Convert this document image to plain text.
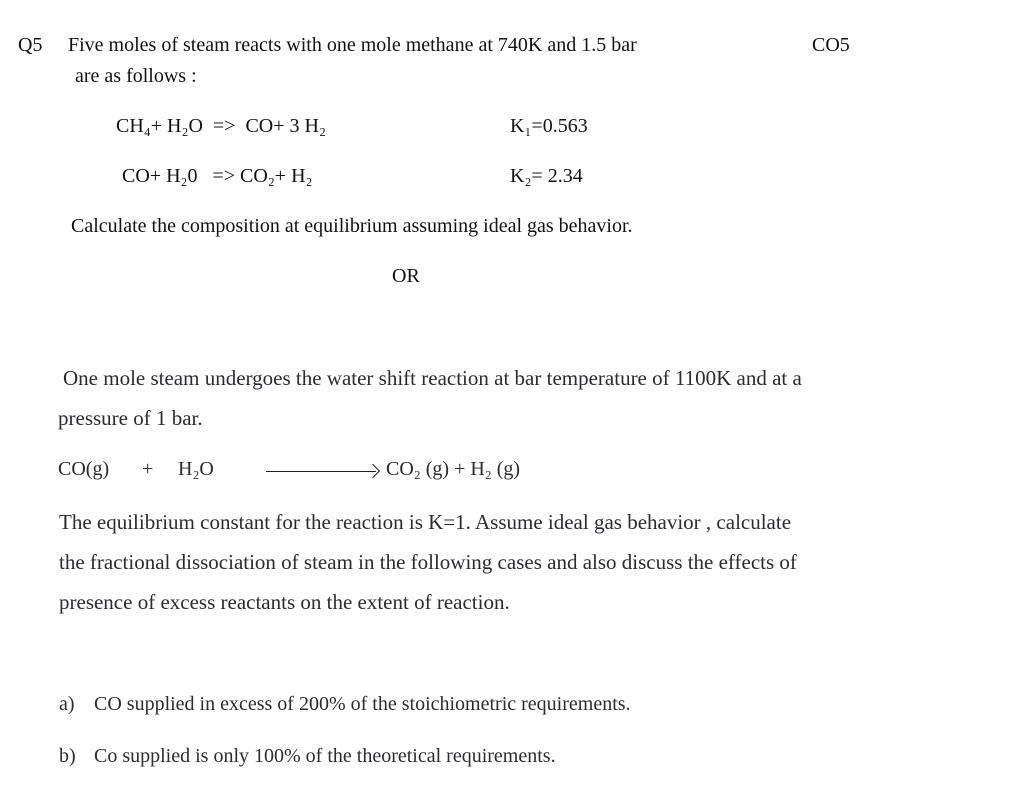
Q5 Five moles of steam reacts with one mole methane at 740K and 1.5 bar	CO5
are as follows :
CH₄+ H₂O  =>  CO+ 3 H₂	K₁=0.563
CO+ H₂0   => CO₂+ H₂	K₂= 2.34
Calculate the composition at equilibrium assuming ideal gas behavior.
OR
One mole steam undergoes the water shift reaction at bar temperature of 1100K and at a
pressure of 1 bar.
CO(g) + H₂O	CO₂ (g) + H₂ (g)
The equilibrium constant for the reaction is K=1. Assume ideal gas behavior , calculate
the fractional dissociation of steam in the following cases and also discuss the effects of
presence of excess reactants on the extent of reaction.
a) CO supplied in excess of 200% of the stoichiometric requirements.
b) Co supplied is only 100% of the theoretical requirements.
